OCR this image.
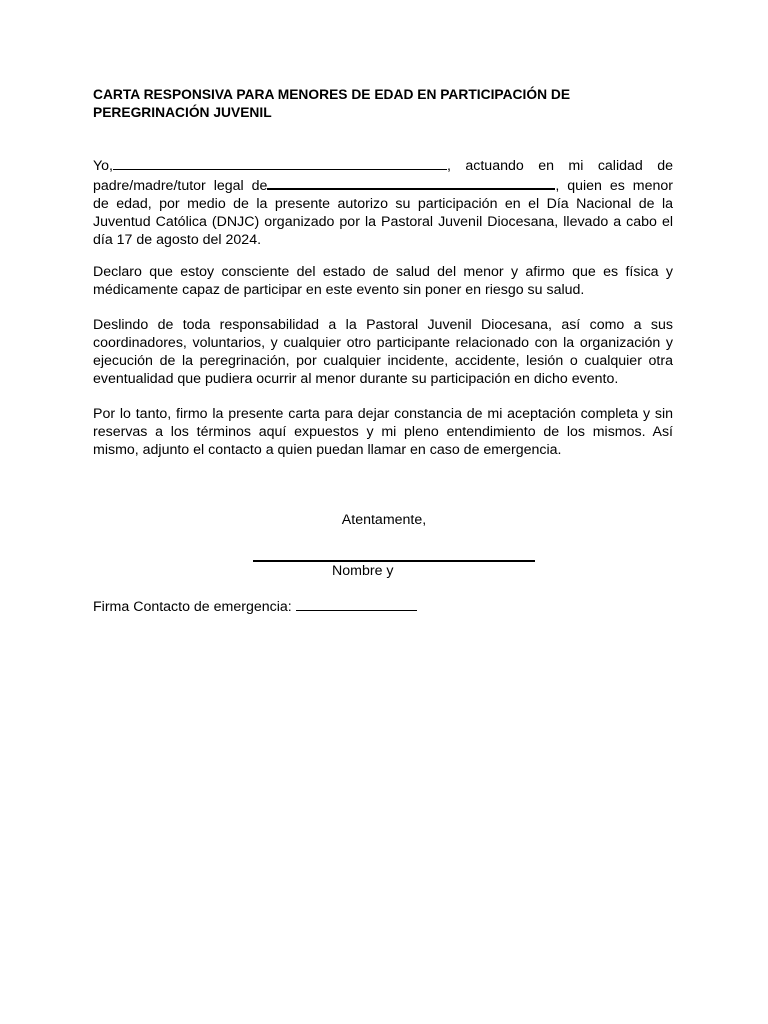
CARTA RESPONSIVA PARA MENORES DE EDAD EN PARTICIPACIÓN DE PEREGRINACIÓN JUVENIL
Yo,	, actuando en mi calidad de
padre/madre/tutor legal de	, quien es menor
de edad, por medio de la presente autorizo su participación en el Día Nacional de la
Juventud Católica (DNJC) organizado por la Pastoral Juvenil Diocesana, llevado a cabo el
día 17 de agosto del 2024.
Declaro que estoy consciente del estado de salud del menor y afirmo que es física y
médicamente capaz de participar en este evento sin poner en riesgo su salud.
Deslindo de toda responsabilidad a la Pastoral Juvenil Diocesana, así como a sus
coordinadores, voluntarios, y cualquier otro participante relacionado con la organización y
ejecución de la peregrinación, por cualquier incidente, accidente, lesión o cualquier otra
eventualidad que pudiera ocurrir al menor durante su participación en dicho evento.
Por lo tanto, firmo la presente carta para dejar constancia de mi aceptación completa y sin
reservas a los términos aquí expuestos y mi pleno entendimiento de los mismos. Así
mismo, adjunto el contacto a quien puedan llamar en caso de emergencia.
Atentamente,
Nombre y
Firma Contacto de emergencia:
